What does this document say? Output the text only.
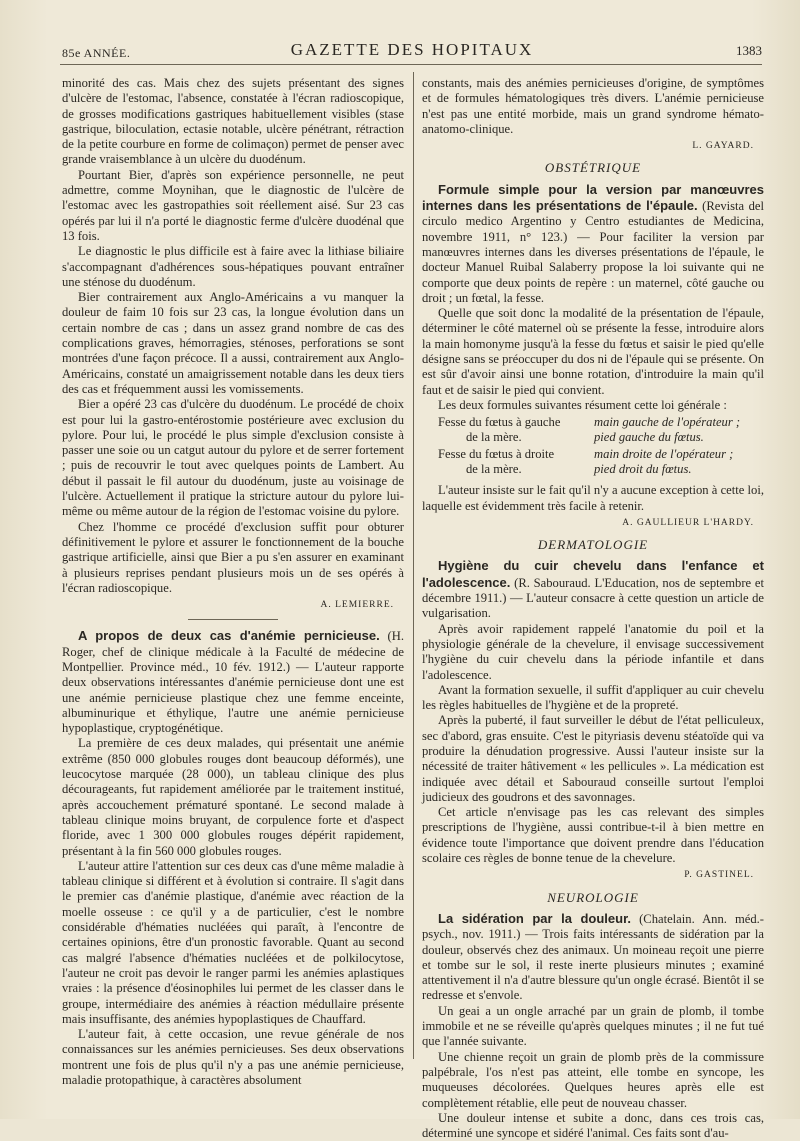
85e ANNÉE.	GAZETTE DES HOPITAUX	1383

minorité des cas. Mais chez des sujets présentant des signes d'ulcère de l'estomac, l'absence, constatée à l'écran radioscopique, de grosses modifications gastriques habituellement visibles (stase gastrique, biloculation, ectasie notable, ulcère pénétrant, rétraction de la petite courbure en forme de colimaçon) permet de penser avec grande vraisemblance à un ulcère du duodénum.

Pourtant Bier, d'après son expérience personnelle, ne peut admettre, comme Moynihan, que le diagnostic de l'ulcère de l'estomac avec les gastropathies soit réellement aisé. Sur 23 cas opérés par lui il n'a porté le diagnostic ferme d'ulcère duodénal que 13 fois.

Le diagnostic le plus difficile est à faire avec la lithiase biliaire s'accompagnant d'adhérences sous-hépatiques pouvant entraîner une sténose du duodénum.

Bier contrairement aux Anglo-Américains a vu manquer la douleur de faim 10 fois sur 23 cas, la longue évolution dans un certain nombre de cas ; dans un assez grand nombre de cas des complications graves, hémorragies, sténoses, perforations se sont montrées d'une façon précoce. Il a aussi, contrairement aux Anglo-Américains, constaté un amaigrissement notable dans les deux tiers des cas et fréquemment aussi les vomissements.

Bier a opéré 23 cas d'ulcère du duodénum. Le procédé de choix est pour lui la gastro-entérostomie postérieure avec exclusion du pylore. Pour lui, le procédé le plus simple d'exclusion consiste à passer une soie ou un catgut autour du pylore et de serrer fortement ; puis de recouvrir le tout avec quelques points de Lambert. Au début il passait le fil autour du duodénum, juste au voisinage de l'ulcère. Actuellement il pratique la stricture autour du pylore lui-même ou même autour de la région de l'estomac voisine du pylore.

Chez l'homme ce procédé d'exclusion suffit pour obturer définitivement le pylore et assurer le fonctionnement de la bouche gastrique artificielle, ainsi que Bier a pu s'en assurer en examinant à plusieurs reprises pendant plusieurs mois un de ses opérés à l'écran radioscopique.

A. LEMIERRE.

A propos de deux cas d'anémie pernicieuse. (H. Roger, chef de clinique médicale à la Faculté de médecine de Montpellier. Province méd., 10 fév. 1912.) — L'auteur rapporte deux observations intéressantes d'anémie pernicieuse dont une est une anémie pernicieuse plastique chez une femme enceinte, albuminurique et éthylique, l'autre une anémie pernicieuse hypoplastique, cryptogénétique.

La première de ces deux malades, qui présentait une anémie extrême (850 000 globules rouges dont beaucoup déformés), une leucocytose marquée (28 000), un tableau clinique des plus décourageants, fut rapidement améliorée par le traitement institué, après accouchement prématuré spontané. Le second malade à tableau clinique moins bruyant, de corpulence forte et d'aspect floride, avec 1 300 000 globules rouges dépérit rapidement, présentant à la fin 560 000 globules rouges.

L'auteur attire l'attention sur ces deux cas d'une même maladie à tableau clinique si différent et à évolution si contraire. Il s'agit dans le premier cas d'anémie plastique, d'anémie avec réaction de la moelle osseuse : ce qu'il y a de particulier, c'est le nombre considérable d'hématies nucléées qui paraît, à l'encontre de certaines opinions, être d'un pronostic favorable. Quant au second cas malgré l'absence d'hématies nucléées et de polkilocytose, l'auteur ne croit pas devoir le ranger parmi les anémies aplastiques vraies : la présence d'éosinophiles lui permet de les classer dans le groupe, intermédiaire des anémies à réaction médullaire présente mais insuffisante, des anémies hypoplastiques de Chauffard.

L'auteur fait, à cette occasion, une revue générale de nos connaissances sur les anémies pernicieuses. Ses deux observations montrent une fois de plus qu'il n'y a pas une anémie pernicieuse, maladie protopathique, à caractères absolument

constants, mais des anémies pernicieuses d'origine, de symptômes et de formules hématologiques très divers. L'anémie pernicieuse n'est pas une entité morbide, mais un grand syndrome hémato-anatomo-clinique.

L. GAYARD.

OBSTÉTRIQUE

Formule simple pour la version par manœuvres internes dans les présentations de l'épaule. (Revista del circulo medico Argentino y Centro estudiantes de Medicina, novembre 1911, n° 123.) — Pour faciliter la version par manœuvres internes dans les diverses présentations de l'épaule, le docteur Manuel Ruibal Salaberry propose la loi suivante qui ne comporte que deux points de repère : un maternel, côté gauche ou droit ; un fœtal, la fesse.

Quelle que soit donc la modalité de la présentation de l'épaule, déterminer le côté maternel où se présente la fesse, introduire alors la main homonyme jusqu'à la fesse du fœtus et saisir le pied qu'elle désigne sans se préoccuper du dos ni de l'épaule qui se présente. On est sûr d'avoir ainsi une bonne rotation, d'introduire la main qu'il faut et de saisir le pied qui convient.

Les deux formules suivantes résument cette loi générale :

Fesse du fœtus à gauche
de la mère.
main gauche de l'opérateur ;
pied gauche du fœtus.
Fesse du fœtus à droite
de la mère.
main droite de l'opérateur ;
pied droit du fœtus.

L'auteur insiste sur le fait qu'il n'y a aucune exception à cette loi, laquelle est évidemment très facile à retenir.

A. GAULLIEUR L'HARDY.

DERMATOLOGIE

Hygiène du cuir chevelu dans l'enfance et l'adolescence. (R. Sabouraud. L'Education, nos de septembre et décembre 1911.) — L'auteur consacre à cette question un article de vulgarisation.

Après avoir rapidement rappelé l'anatomie du poil et la physiologie générale de la chevelure, il envisage successivement l'hygiène du cuir chevelu dans la période infantile et dans l'adolescence.

Avant la formation sexuelle, il suffit d'appliquer au cuir chevelu les règles habituelles de l'hygiène et de la propreté.

Après la puberté, il faut surveiller le début de l'état pelliculeux, sec d'abord, gras ensuite. C'est le pityriasis devenu stéatoïde qui va produire la dénudation progressive. Aussi l'auteur insiste sur la nécessité de traiter hâtivement « les pellicules ». La médication est indiquée avec détail et Sabouraud conseille surtout l'emploi judicieux des goudrons et des savonnages.

Cet article n'envisage pas les cas relevant des simples prescriptions de l'hygiène, aussi contribue-t-il à bien mettre en évidence toute l'importance que doivent prendre dans l'éducation scolaire ces règles de bonne tenue de la chevelure.

P. GASTINEL.

NEUROLOGIE

La sidération par la douleur. (Chatelain. Ann. méd.-psych., nov. 1911.) — Trois faits intéressants de sidération par la douleur, observés chez des animaux. Un moineau reçoit une pierre et tombe sur le sol, il reste inerte plusieurs minutes ; examiné attentivement il n'a d'autre blessure qu'un ongle écrasé. Bientôt il se redresse et s'envole.

Un geai a un ongle arraché par un grain de plomb, il tombe immobile et ne se réveille qu'après quelques minutes ; il ne fut tué que l'année suivante.

Une chienne reçoit un grain de plomb près de la commissure palpébrale, l'os n'est pas atteint, elle tombe en syncope, les muqueuses décolorées. Quelques heures après elle est complètement rétablie, elle peut de nouveau chasser.

Une douleur intense et subite a donc, dans ces trois cas, déterminé une syncope et sidéré l'animal. Ces faits sont d'au-
